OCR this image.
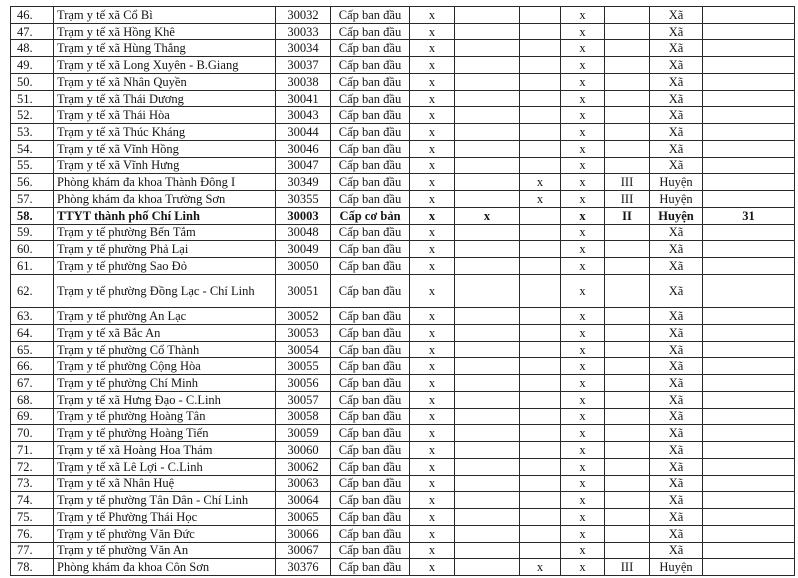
46.	Trạm y tế xã Cổ Bì	30032	Cấp ban đầu	x			x		Xã	
47.	Trạm y tế xã Hồng Khê	30033	Cấp ban đầu	x			x		Xã	
48.	Trạm y tế xã Hùng Thắng	30034	Cấp ban đầu	x			x		Xã	
49.	Trạm y tế xã Long Xuyên - B.Giang	30037	Cấp ban đầu	x			x		Xã	
50.	Trạm y tế xã Nhân Quyền	30038	Cấp ban đầu	x			x		Xã	
51.	Trạm y tế xã Thái Dương	30041	Cấp ban đầu	x			x		Xã	
52.	Trạm y tế xã Thái Hòa	30043	Cấp ban đầu	x			x		Xã	
53.	Trạm y tế xã Thúc Kháng	30044	Cấp ban đầu	x			x		Xã	
54.	Trạm y tế xã Vĩnh Hồng	30046	Cấp ban đầu	x			x		Xã	
55.	Trạm y tế xã Vĩnh Hưng	30047	Cấp ban đầu	x			x		Xã	
56.	Phòng khám đa khoa Thành Đông I	30349	Cấp ban đầu	x		x	x	III	Huyện	
57.	Phòng khám đa khoa Trường Sơn	30355	Cấp ban đầu	x		x	x	III	Huyện	
58.	TTYT thành phố Chí Linh	30003	Cấp cơ bản	x	x		x	II	Huyện	31
59.	Trạm y tế phường Bến Tắm	30048	Cấp ban đầu	x			x		Xã	
60.	Trạm y tế phường Phả Lại	30049	Cấp ban đầu	x			x		Xã	
61.	Trạm y tế phường Sao Đỏ	30050	Cấp ban đầu	x			x		Xã	
62.	Trạm y tế phường Đồng Lạc - Chí Linh	30051	Cấp ban đầu	x			x		Xã	
63.	Trạm y tế phường An Lạc	30052	Cấp ban đầu	x			x		Xã	
64.	Trạm y tế xã Bắc An	30053	Cấp ban đầu	x			x		Xã	
65.	Trạm y tế phường Cổ Thành	30054	Cấp ban đầu	x			x		Xã	
66.	Trạm y tế phường Cộng Hòa	30055	Cấp ban đầu	x			x		Xã	
67.	Trạm y tế phường Chí Minh	30056	Cấp ban đầu	x			x		Xã	
68.	Trạm y tế xã Hưng Đạo - C.Linh	30057	Cấp ban đầu	x			x		Xã	
69.	Trạm y tế phường Hoàng Tân	30058	Cấp ban đầu	x			x		Xã	
70.	Trạm y tế phường Hoàng Tiến	30059	Cấp ban đầu	x			x		Xã	
71.	Trạm y tế xã Hoàng Hoa Thám	30060	Cấp ban đầu	x			x		Xã	
72.	Trạm y tế xã Lê Lợi - C.Linh	30062	Cấp ban đầu	x			x		Xã	
73.	Trạm y tế xã Nhân Huệ	30063	Cấp ban đầu	x			x		Xã	
74.	Trạm y tế phường Tân Dân - Chí Linh	30064	Cấp ban đầu	x			x		Xã	
75.	Trạm y tế Phường Thái Học	30065	Cấp ban đầu	x			x		Xã	
76.	Trạm y tế phường Văn Đức	30066	Cấp ban đầu	x			x		Xã	
77.	Trạm y tế phường Văn An	30067	Cấp ban đầu	x			x		Xã	
78.	Phòng khám đa khoa Côn Sơn	30376	Cấp ban đầu	x		x	x	III	Huyện	
